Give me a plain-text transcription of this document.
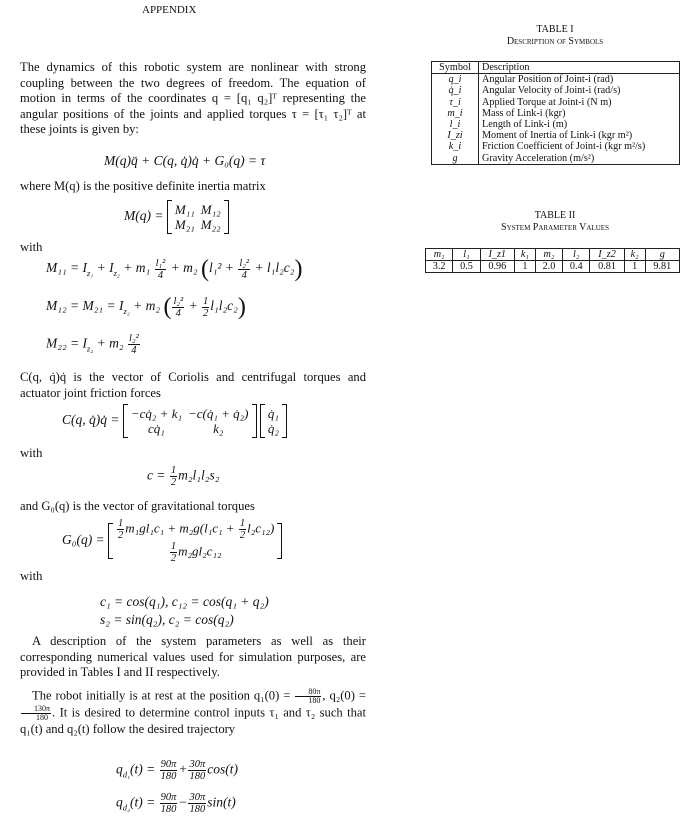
APPENDIX
The dynamics of this robotic system are nonlinear with strong coupling between the two degrees of freedom. The equation of motion in terms of the coordinates q = [q₁ q₂]ᵀ representing the angular positions of the joints and applied torques τ = [τ₁ τ₂]ᵀ at these joints is given by:
M(q)q̈ + C(q, q̇)q̇ + G₀(q) = τ
where M(q) is the positive definite inertia matrix
M(q) = M₁₁	M₁₂
M₂₁	M₂₂
with
$M_{11} = I_{z_1} + I_{z_2} + m_1 \frac{\text{l₁²}}{4} + m_2$ $(l_1^2 + \frac{\text{l₂²}}{4} + l_1l_2c_2)$
$M_{12} = M_{21} = I_{z_2} + m_2$ ( $\frac{\text{l₂²}}{4} + \frac{1}{2} l_1l_2c_2$)
$M_{22} = I_{z_2} + m_2 \frac{\text{l₂²}}{4}$
C(q, q̇)q̇ is the vector of Coriolis and centrifugal torques and actuator joint friction forces
C(q, q̇)q̇ = −cq̇₂ + k₁	−c(q̇₁ + q̇₂)
cq̇₁	k₂ q̇₁
q̇₂
with
$c = \frac{1}{2} m_2l_1l_2s_2$
and G₀(q) is the vector of gravitational torques
$G_0(q) = \frac{1}{2} m_1gl_1c_1 + m_2g(l_1c_1 + \frac{1}{2} l_2c_{12})$

$\frac{1}{2} m_2gl_2c_{12}$
with
c₁ = cos(q₁), c₁₂ = cos(q₁ + q₂)
s₂ = sin(q₂), c₂ = cos(q₂)
A description of the system parameters as well as their corresponding numerical values used for simulation purposes, are provided in Tables I and II respectively.
The robot initially is at rest at the position $q_1(0) = \frac{80\pi}{180}$ , q₂(0) =
$\frac{130\pi}{180}$ . It is desired to determine control inputs τ₁ and τ₂ such that q₁(t) and q₂(t) follow the desired trajectory
$q_{d_1}(t) = \frac{90\pi}{180} + \frac{30\pi}{180} \cos(t)$
$q_{d_2}(t) = \frac{90\pi}{180} - \frac{30\pi}{180} \sin(t)$
TABLE I
Description of Symbols
Symbol	Description
q_i	Angular Position of Joint-i (rad)
q̇_i	Angular Velocity of Joint-i (rad/s)
τ_i	Applied Torque at Joint-i (N m)
m_i	Mass of Link-i (kgr)
l_i	Length of Link-i (m)
I_zi	Moment of Inertia of Link-i (kgr m²)
k_i	Friction Coefficient of Joint-i (kgr m²/s)
g	Gravity Acceleration (m/s²)
TABLE II
System Parameter Values
m₁	l₁	I_z1	k₁	m₂	l₂	I_z2	k₂	g
3.2	0.5	0.96	1	2.0	0.4	0.81	1	9.81
